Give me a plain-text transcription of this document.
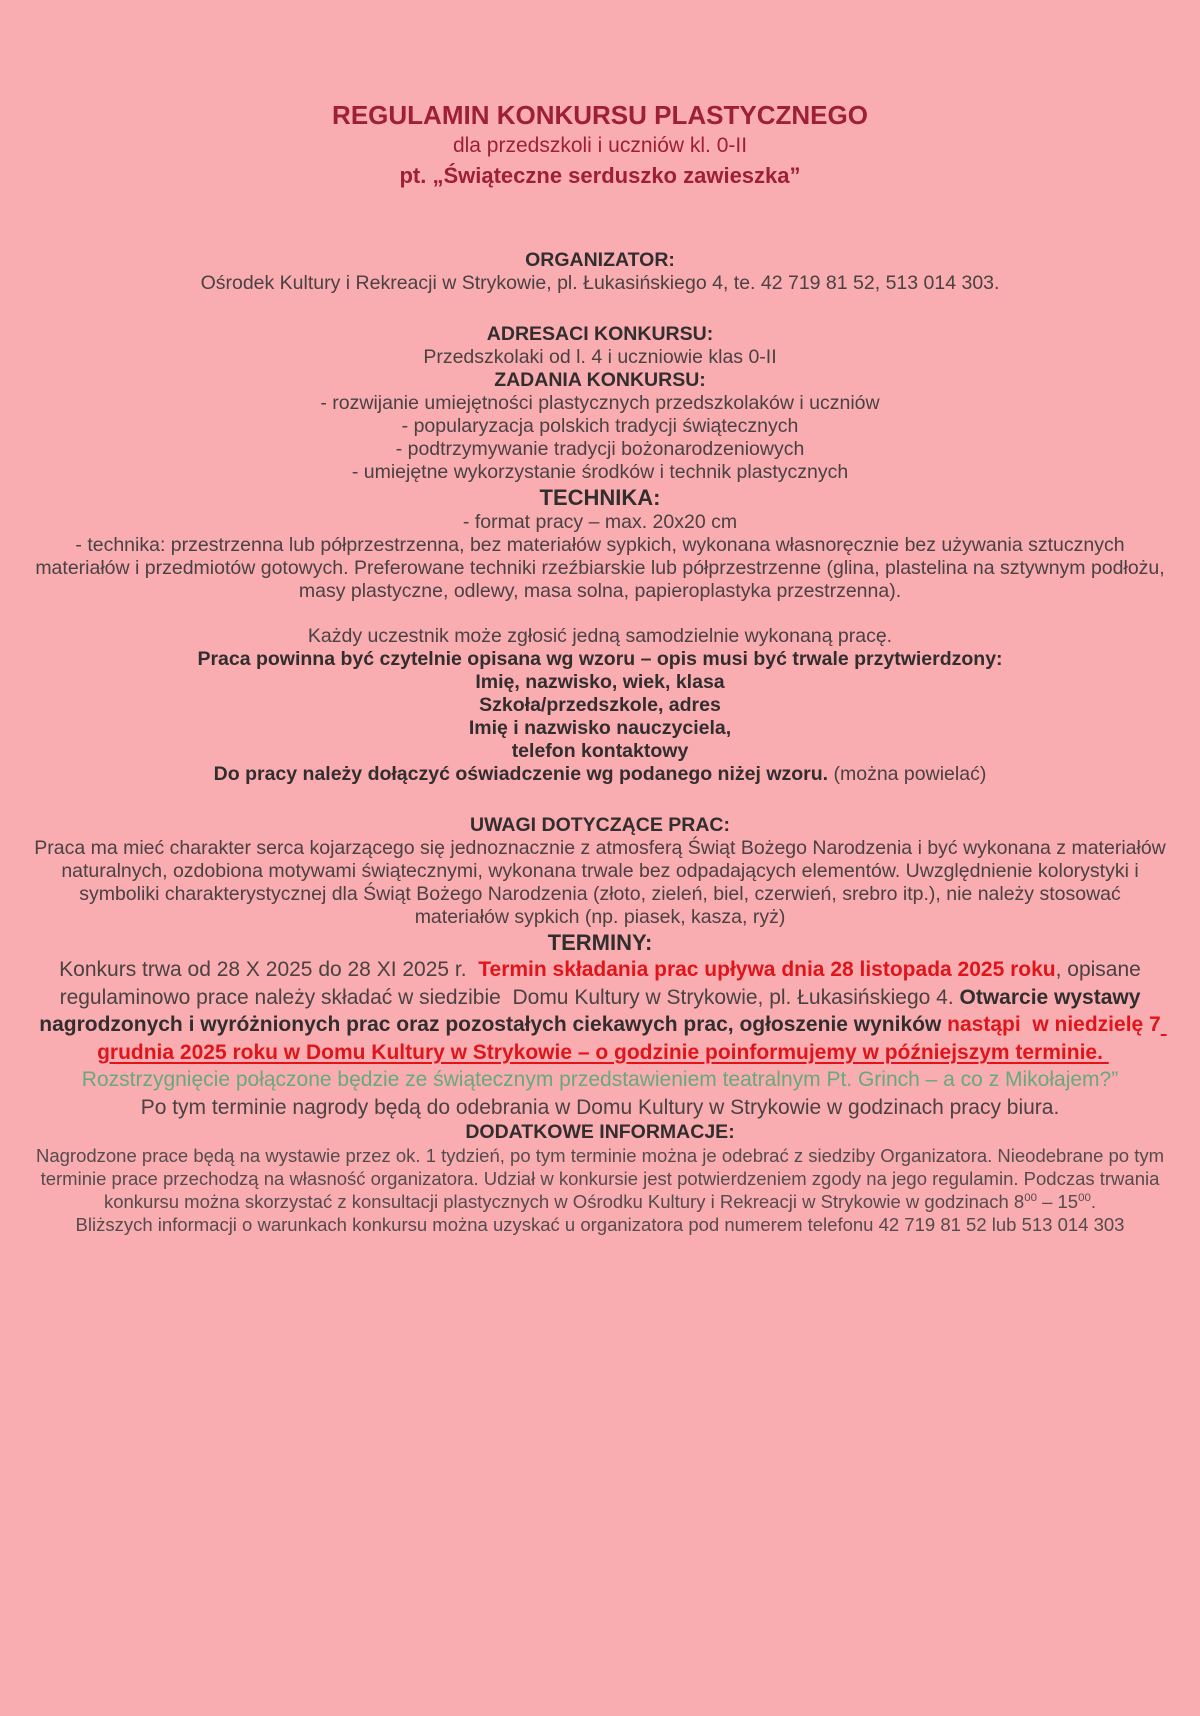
REGULAMIN KONKURSU PLASTYCZNEGO
dla przedszkoli i uczniów kl. 0-II
pt. „Świąteczne serduszko zawieszka”
ORGANIZATOR:
Ośrodek Kultury i Rekreacji w Strykowie, pl. Łukasińskiego 4, te. 42 719 81 52, 513 014 303.
ADRESACI KONKURSU:
Przedszkolaki od l. 4 i uczniowie klas 0-II
ZADANIA KONKURSU:
- rozwijanie umiejętności plastycznych przedszkolaków i uczniów
- popularyzacja polskich tradycji świątecznych
- podtrzymywanie tradycji bożonarodzeniowych
- umiejętne wykorzystanie środków i technik plastycznych
TECHNIKA:
- format pracy – max. 20x20 cm
- technika: przestrzenna lub półprzestrzenna, bez materiałów sypkich, wykonana własnoręcznie bez używania sztucznych materiałów i przedmiotów gotowych. Preferowane techniki rzeźbiarskie lub półprzestrzenne (glina, plastelina na sztywnym podłożu, masy plastyczne, odlewy, masa solna, papieroplastyka przestrzenna).
Każdy uczestnik może zgłosić jedną samodzielnie wykonaną pracę.
Praca powinna być czytelnie opisana wg wzoru – opis musi być trwale przytwierdzony:
Imię, nazwisko, wiek, klasa
Szkoła/przedszkole, adres
Imię i nazwisko nauczyciela,
telefon kontaktowy
Do pracy należy dołączyć oświadczenie wg podanego niżej wzoru. (można powielać)
UWAGI DOTYCZĄCE PRAC:
Praca ma mieć charakter serca kojarzącego się jednoznacznie z atmosferą Świąt Bożego Narodzenia i być wykonana z materiałów naturalnych, ozdobiona motywami świątecznymi, wykonana trwale bez odpadających elementów. Uwzględnienie kolorystyki i symboliki charakterystycznej dla Świąt Bożego Narodzenia (złoto, zieleń, biel, czerwień, srebro itp.), nie należy stosować materiałów sypkich (np. piasek, kasza, ryż)
TERMINY:
Konkurs trwa od 28 X 2025 do 28 XI 2025 r.  Termin składania prac upływa dnia 28 listopada 2025 roku, opisane regulaminowo prace należy składać w siedzibie  Domu Kultury w Strykowie, pl. Łukasińskiego 4. Otwarcie wystawy nagrodzonych i wyróżnionych prac oraz pozostałych ciekawych prac, ogłoszenie wyników nastąpi  w niedzielę 7 grudnia 2025 roku w Domu Kultury w Strykowie – o godzinie poinformujemy w późniejszym terminie. Rozstrzygnięcie połączone będzie ze świątecznym przedstawieniem teatralnym Pt. Grinch – a co z Mikołajem?”
Po tym terminie nagrody będą do odebrania w Domu Kultury w Strykowie w godzinach pracy biura.
DODATKOWE INFORMACJE:
Nagrodzone prace będą na wystawie przez ok. 1 tydzień, po tym terminie można je odebrać z siedziby Organizatora. Nieodebrane po tym terminie prace przechodzą na własność organizatora. Udział w konkursie jest potwierdzeniem zgody na jego regulamin. Podczas trwania konkursu można skorzystać z konsultacji plastycznych w Ośrodku Kultury i Rekreacji w Strykowie w godzinach $8^{00} - 15^{00}$.
Bliższych informacji o warunkach konkursu można uzyskać u organizatora pod numerem telefonu 42 719 81 52 lub 513 014 303
